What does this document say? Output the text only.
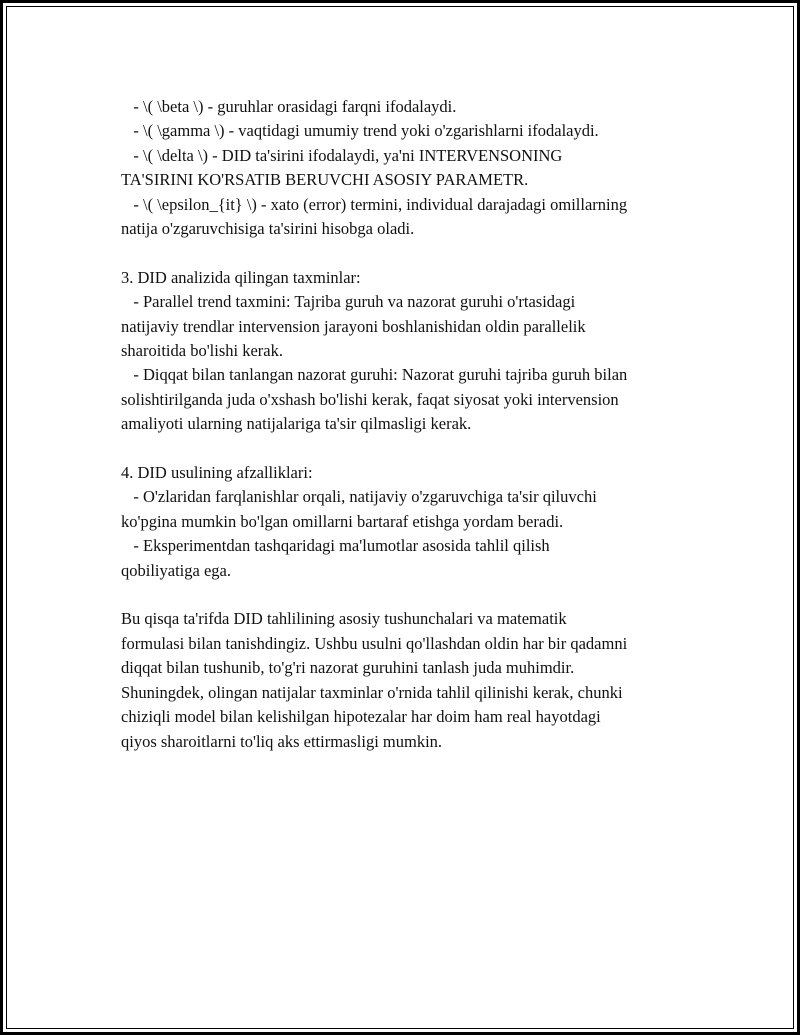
- \( \beta \) - guruhlar orasidagi farqni ifodalaydi.
- \( \gamma \) - vaqtidagi umumiy trend yoki o'zgarishlarni ifodalaydi.
- \( \delta \) - DID ta'sirini ifodalaydi, ya'ni INTERVENSONING
TA'SIRINI KO'RSATIB BERUVCHI ASOSIY PARAMETR.
- \( \epsilon_{it} \) - xato (error) termini, individual darajadagi omillarning
natija o'zgaruvchisiga ta'sirini hisobga oladi.
3. DID analizida qilingan taxminlar:
- Parallel trend taxmini: Tajriba guruh va nazorat guruhi o'rtasidagi
natijaviy trendlar intervension jarayoni boshlanishidan oldin parallelik
sharoitida bo'lishi kerak.
- Diqqat bilan tanlangan nazorat guruhi: Nazorat guruhi tajriba guruh bilan
solishtirilganda juda o'xshash bo'lishi kerak, faqat siyosat yoki intervension
amaliyoti ularning natijalariga ta'sir qilmasligi kerak.
4. DID usulining afzalliklari:
- O'zlaridan farqlanishlar orqali, natijaviy o'zgaruvchiga ta'sir qiluvchi
ko'pgina mumkin bo'lgan omillarni bartaraf etishga yordam beradi.
- Eksperimentdan tashqaridagi ma'lumotlar asosida tahlil qilish
qobiliyatiga ega.
Bu qisqa ta'rifda DID tahlilining asosiy tushunchalari va matematik
formulasi bilan tanishdingiz. Ushbu usulni qo'llashdan oldin har bir qadamni
diqqat bilan tushunib, to'g'ri nazorat guruhini tanlash juda muhimdir.
Shuningdek, olingan natijalar taxminlar o'rnida tahlil qilinishi kerak, chunki
chiziqli model bilan kelishilgan hipotezalar har doim ham real hayotdagi
qiyos sharoitlarni to'liq aks ettirmasligi mumkin.
